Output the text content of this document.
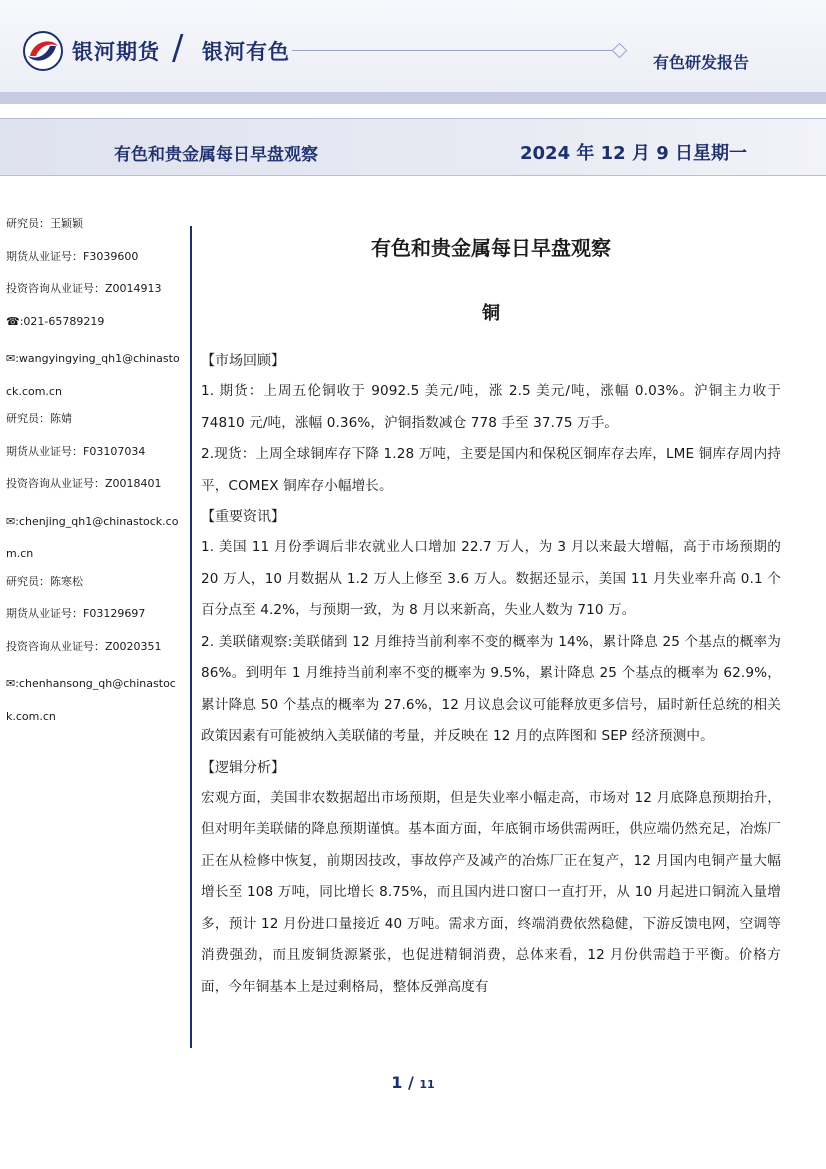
银河期货 / 银河有色	有色研发报告
有色和贵金属每日早盘观察	2024 年 12 月 9 日星期一
研究员：王颖颖
期货从业证号：F3039600
投资咨询从业证号：Z0014913
☎:021-65789219
✉:wangyingying_qh1@chinastock.com.cn
研究员：陈婧
期货从业证号：F03107034
投资咨询从业证号：Z0018401
✉:chenjing_qh1@chinastock.com.cn
研究员：陈寒松
期货从业证号：F03129697
投资咨询从业证号：Z0020351
✉:chenhansong_qh@chinastock.com.cn
有色和贵金属每日早盘观察
铜
【市场回顾】
1. 期货：上周五伦铜收于 9092.5 美元/吨，涨 2.5 美元/吨，涨幅 0.03%。沪铜主力收于 74810 元/吨，涨幅 0.36%，沪铜指数减仓 778 手至 37.75 万手。
2.现货：上周全球铜库存下降 1.28 万吨，主要是国内和保税区铜库存去库，LME 铜库存周内持平，COMEX 铜库存小幅增长。
【重要资讯】
1. 美国 11 月份季调后非农就业人口增加 22.7 万人，为 3 月以来最大增幅，高于市场预期的 20 万人，10 月数据从 1.2 万人上修至 3.6 万人。数据还显示，美国 11 月失业率升高 0.1 个百分点至 4.2%，与预期一致，为 8 月以来新高，失业人数为 710 万。
2. 美联储观察:美联储到 12 月维持当前利率不变的概率为 14%，累计降息 25 个基点的概率为 86%。到明年 1 月维持当前利率不变的概率为 9.5%，累计降息 25 个基点的概率为 62.9%，累计降息 50 个基点的概率为 27.6%，12 月议息会议可能释放更多信号，届时新任总统的相关政策因素有可能被纳入美联储的考量，并反映在 12 月的点阵图和 SEP 经济预测中。
【逻辑分析】
宏观方面，美国非农数据超出市场预期，但是失业率小幅走高，市场对 12 月底降息预期抬升，但对明年美联储的降息预期谨慎。基本面方面，年底铜市场供需两旺，供应端仍然充足，冶炼厂正在从检修中恢复，前期因技改，事故停产及减产的冶炼厂正在复产，12 月国内电铜产量大幅增长至 108 万吨，同比增长 8.75%，而且国内进口窗口一直打开，从 10 月起进口铜流入量增多，预计 12 月份进口量接近 40 万吨。需求方面，终端消费依然稳健，下游反馈电网，空调等消费强劲，而且废铜货源紧张，也促进精铜消费，总体来看，12 月份供需趋于平衡。价格方面，今年铜基本上是过剩格局，整体反弹高度有
1 / 11
